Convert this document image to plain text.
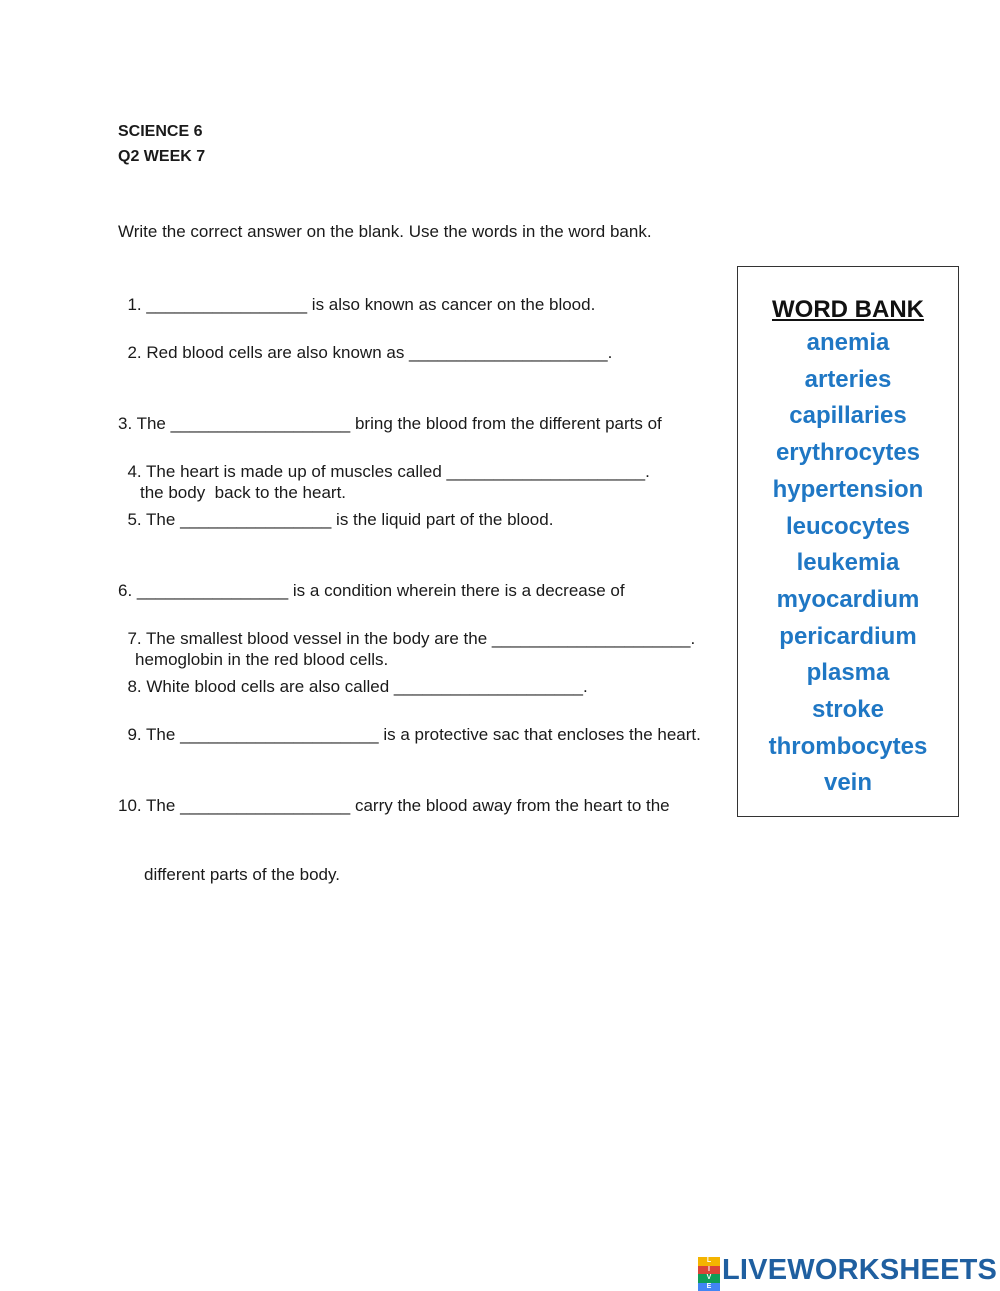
SCIENCE 6
Q2 WEEK 7
Write the correct answer on the blank. Use the words in the word bank.

1. _________________ is also known as cancer on the blood.

2. Red blood cells are also known as _____________________.

3. The ___________________ bring the blood from the different parts of

the body  back to the heart.

4. The heart is made up of muscles called _____________________.

5. The ________________ is the liquid part of the blood.

6. ________________ is a condition wherein there is a decrease of

hemoglobin in the red blood cells.

7. The smallest blood vessel in the body are the _____________________.

8. White blood cells are also called ____________________.

9. The _____________________ is a protective sac that encloses the heart.

10. The __________________ carry the blood away from the heart to the

different parts of the body.

WORD BANK
anemia
arteries
capillaries
erythrocytes
hypertension
leucocytes
leukemia
myocardium
pericardium
plasma
stroke
thrombocytes
vein
L
I
V
E
LIVEWORKSHEETS
